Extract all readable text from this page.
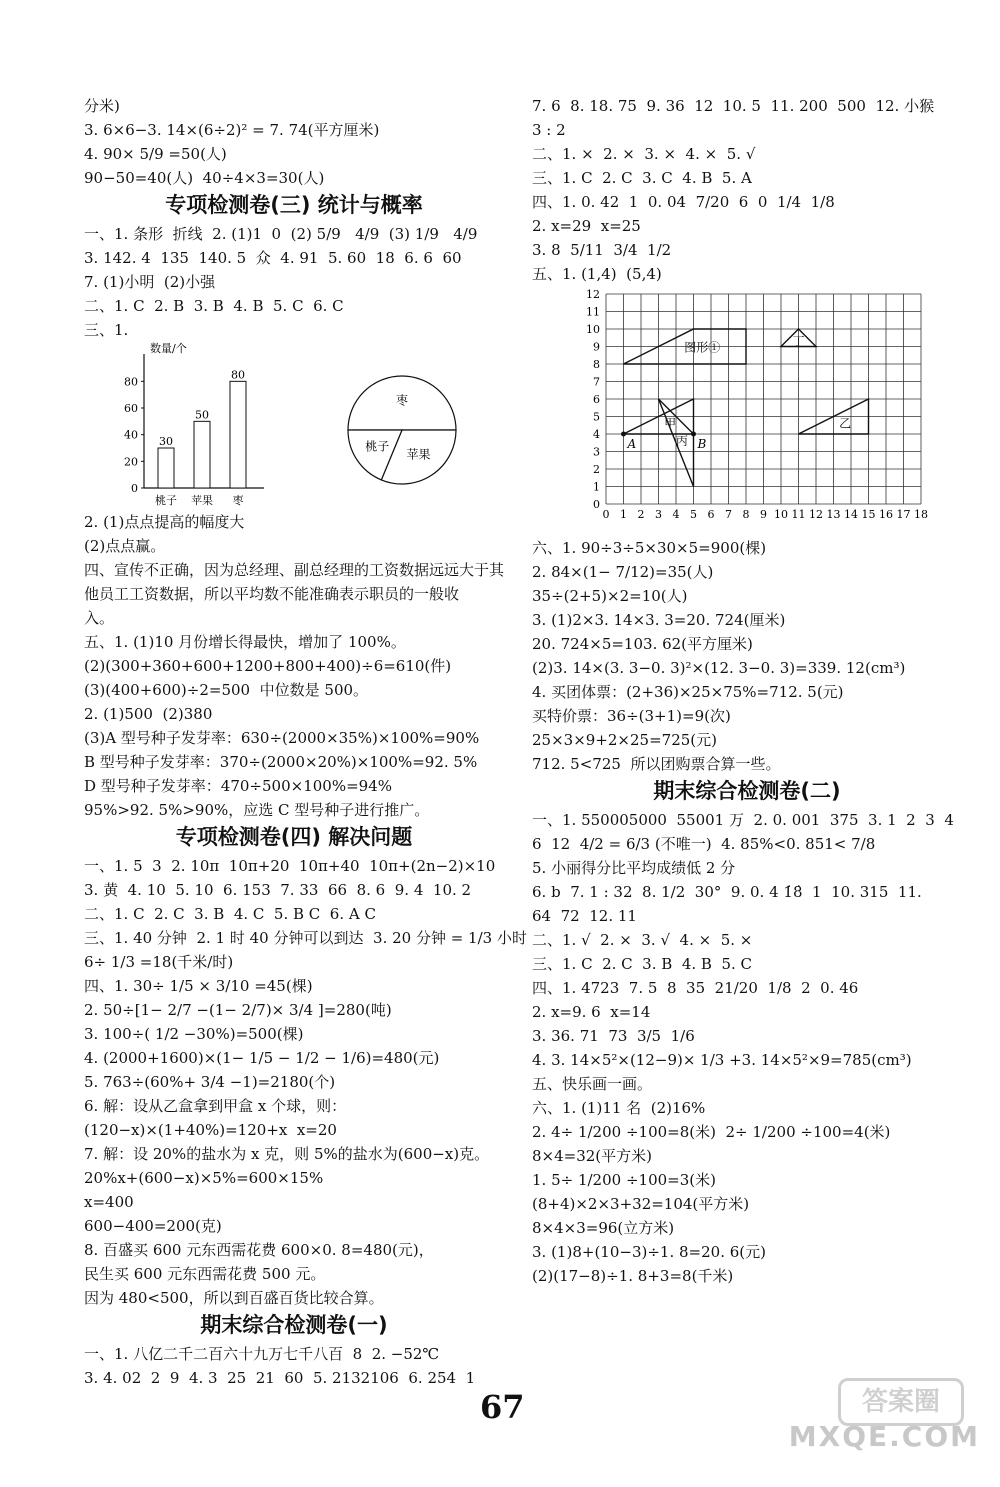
分米)

3. 6×6−3. 14×(6÷2)² = 7. 74(平方厘米)

4. 90× 5/9 =50(人)

90−50=40(人)  40÷4×3=30(人)

专项检测卷(三) 统计与概率

一、1. 条形  折线  2. (1)1  0  (2) 5/9   4/9  (3) 1/9   4/9

3. 142. 4  135  140. 5  众  4. 91  5. 60  18  6. 6  60

7. (1)小明  (2)小强

二、1. C  2. B  3. B  4. B  5. C  6. C

三、1.

数量/个
0
20
40
60
80
30
桃子
50
苹果
80
枣
枣
苹果
桃子

2. (1)点点提高的幅度大

(2)点点赢。

四、宣传不正确，因为总经理、副总经理的工资数据远远大于其

他员工工资数据，所以平均数不能准确表示职员的一般收

入。

五、1. (1)10 月份增长得最快，增加了 100%。

(2)(300+360+600+1200+800+400)÷6=610(件)

(3)(400+600)÷2=500  中位数是 500。

2. (1)500  (2)380

(3)A 型号种子发芽率：630÷(2000×35%)×100%=90%

B 型号种子发芽率：370÷(2000×20%)×100%=92. 5%

D 型号种子发芽率：470÷500×100%=94%

95%>92. 5%>90%，应选 C 型号种子进行推广。

专项检测卷(四) 解决问题

一、1. 5  3  2. 10π  10π+20  10π+40  10π+(2n−2)×10

3. 黄  4. 10  5. 10  6. 153  7. 33  66  8. 6  9. 4  10. 2

二、1. C  2. C  3. B  4. C  5. B C  6. A C

三、1. 40 分钟  2. 1 时 40 分钟可以到达  3. 20 分钟 = 1/3 小时

6÷ 1/3 =18(千米/时)

四、1. 30÷ 1/5 × 3/10 =45(棵)

2. 50÷[1− 2/7 −(1− 2/7)× 3/4 ]=280(吨)

3. 100÷( 1/2 −30%)=500(棵)

4. (2000+1600)×(1− 1/5 − 1/2 − 1/6)=480(元)

5. 763÷(60%+ 3/4 −1)=2180(个)

6. 解：设从乙盒拿到甲盒 x 个球，则：

(120−x)×(1+40%)=120+x  x=20

7. 解：设 20%的盐水为 x 克，则 5%的盐水为(600−x)克。

20%x+(600−x)×5%=600×15%

x=400

600−400=200(克)

8. 百盛买 600 元东西需花费 600×0. 8=480(元)，

民生买 600 元东西需花费 500 元。

因为 480<500，所以到百盛百货比较合算。

期末综合检测卷(一)

一、1. 八亿二千二百六十九万七千八百  8  2. −52℃

3. 4. 02  2  9  4. 3  25  21  60  5. 2132106  6. 254  1

7. 6  8. 18. 75  9. 36  12  10. 5  11. 200  500  12. 小猴

3 : 2

二、1. ×  2. ×  3. ×  4. ×  5. √

三、1. C  2. C  3. C  4. B  5. A

四、1. 0. 42  1  0. 04  7/20  6  0  1/4  1/8

2. x=29  x=25

3. 8  5/11  3/4  1/2

五、1. (1,4)  (5,4)

0 1 2 3 4 5 6 7 8 9 10 11 12 13 14 15 16 17 18
0
1
2
3
4
5
6
7
8
9
10
11
12
图形①
甲
丙
乙
丁
A	B

六、1. 90÷3÷5×30×5=900(棵)

2. 84×(1− 7/12)=35(人)

35÷(2+5)×2=10(人)

3. (1)2×3. 14×3. 3=20. 724(厘米)

20. 724×5=103. 62(平方厘米)

(2)3. 14×(3. 3−0. 3)²×(12. 3−0. 3)=339. 12(cm³)

4. 买团体票：(2+36)×25×75%=712. 5(元)

买特价票：36÷(3+1)=9(次)

25×3×9+2×25=725(元)

712. 5<725  所以团购票合算一些。

期末综合检测卷(二)

一、1. 550005000  55001 万  2. 0. 001  375  3. 1  2  3  4

6  12  4/2 = 6/3 (不唯一)  4. 85%<0. 851< 7/8

5. 小丽得分比平均成绩低 2 分

6. b  7. 1 : 32  8. 1/2  30°  9. 0. 4 1̇8̇  1  10. 315  11.

64  72  12. 11

二、1. √  2. ×  3. √  4. ×  5. ×

三、1. C  2. C  3. B  4. B  5. C

四、1. 4723  7. 5  8  35  21/20  1/8  2  0. 46

2. x=9. 6  x=14

3. 36. 71  73  3/5  1/6

4. 3. 14×5²×(12−9)× 1/3 +3. 14×5²×9=785(cm³)

五、快乐画一画。

六、1. (1)11 名  (2)16%

2. 4÷ 1/200 ÷100=8(米)  2÷ 1/200 ÷100=4(米)

8×4=32(平方米)

1. 5÷ 1/200 ÷100=3(米)

(8+4)×2×3+32=104(平方米)

8×4×3=96(立方米)

3. (1)8+(10−3)÷1. 8=20. 6(元)

(2)(17−8)÷1. 8+3=8(千米)

67	答案圈
MXQE.COM
